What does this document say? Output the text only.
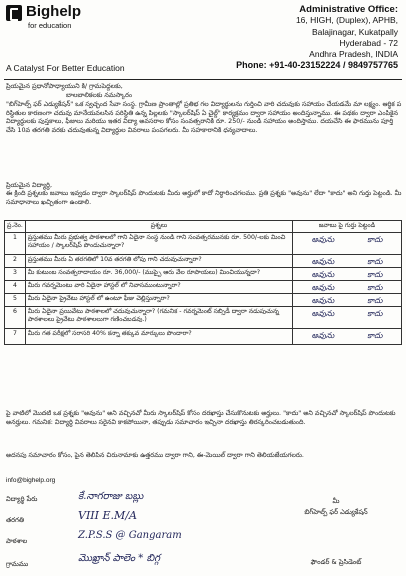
Bighelp
for education
A Catalyst For Better Education
Administrative Office:
16, HIGH, (Duplex), APHB,
Balajinagar, Kukatpally
Hyderabad - 72
Andhra Pradesh, INDIA
Phone: +91-40-23152224 / 9849757765
ప్రియమైన ప్రధానోపాధ్యాయుని కి/ గ్రామపెద్దలకు,
బాలబాలికలకు నమస్కారం
"బిగ్‌హెల్ప్ ఫర్ ఎడ్యుకేషన్" ఒక స్వచ్ఛంద సేవా సంస్థ. గ్రామీణ ప్రాంతాల్లో ప్రతిభ గల విద్యార్థులను గుర్తించి వారి చదువుకు సహాయం చేయడమే మా లక్ష్యం. ఆర్థిక పరిస్థితుల కారణంగా చదువు మానేయవలసిన పరిస్థితి ఉన్న పిల్లలకు "స్కాలర్‌షిప్ ఏ చైల్డ్" కార్యక్రమం ద్వారా సహాయం అందిస్తున్నాము. ఈ పథకం ద్వారా ఎంపికైన విద్యార్థులకు పుస్తకాలు, ఫీజులు మరియు ఇతర విద్యా అవసరాల కోసం సంవత్సరానికి రూ. 250/- నుండి సహాయం అందిస్తాము. దయచేసి ఈ ఫారమును పూర్తి చేసి 10వ తరగతి వరకు చదువుతున్న విద్యార్థుల వివరాలు పంపగలరు. మీ సహకారానికి ధన్యవాదాలు.
ప్రియమైన విద్యార్థి,
ఈ క్రింది ప్రశ్నలకు జవాబు ఇవ్వడం ద్వారా స్కాలర్‌షిప్ పొందుటకు మీరు అర్హులో కాదో నిర్ధారించగలము. ప్రతి ప్రశ్నకు "అవును" లేదా "కాదు" అని గుర్తు పెట్టండి. మీ సమాధానాలు ఖచ్చితంగా ఉండాలి.
ప్ర.నెం.	ప్రశ్నలు	జవాబు పై గుర్తు పెట్టండి
1	ప్రస్తుతము మీరు ప్రభుత్వ పాఠశాలలో గాని ఏదైనా సంస్థ నుండి గాని సంవత్సరమునకు రూ. 500/-లకు మించి సహాయం / స్కాలర్‌షిప్ పొందుచున్నారా?	అవును కాదు

2	ప్రస్తుతము మీరు ఏ తరగతిలో 10వ తరగతి లోపు గాని చదువుచున్నారా?	అవును కాదు

3	మీ కుటుంబ సంవత్సరాదాయం రూ. 36,000/- (ముప్పై ఆరు వేల రూపాయలు) మించియున్నదా?	అవును కాదు

4	మీరు గవర్నమెంటు వారి ఏదైనా హాస్టల్ లో నివాసముంటున్నారా?	అవును కాదు

5	మీరు ఏదైనా ప్రైవేటు హాస్టల్ లో ఉంటూ ఫీజు చెల్లిస్తున్నారా?	అవును కాదు

6	మీరు ఏదైనా ప్రయివేటు పాఠశాలలో చదువుచున్నారా? (గమనిక - గవర్నమెంట్ సబ్సిడీ ద్వారా నడుపుచున్న పాఠశాలలు ప్రైవేటు పాఠశాలలుగా గణించబడవు.)	అవును కాదు

7	మీరు గత పరీక్షలో సరాసరి 40% కన్నా తక్కువ మార్కులు పొందారా?	అవును కాదు
పై వాటిలో మొదటి ఒక ప్రశ్నకు "అవును" అని వచ్చినచో మీరు స్కాలర్‌షిప్ కోసం దరఖాస్తు చేసుకొనుటకు అర్హులు. "కాదు" అని వచ్చినచో స్కాలర్‌షిప్ పొందుటకు అనర్హులు. గమనిక: విద్యార్థి వివరాలు సరైనవి కాకపోయినా, తప్పుడు సమాచారం ఇచ్చినా దరఖాస్తు తిరస్కరించబడుతుంది.
అదనపు సమాచారం కోసం, పైన తెలిపిన చిరునామాకు ఉత్తరము ద్వారా గాని, ఈ-మెయిల్ ద్వారా గాని తెలియజేయగలరు.
info@bighelp.org
విద్యార్థి పేరు	కే.నాగరాజు బబ్లు
తరగతి	VIII E.M/A
పాఠశాల	Z.P.S.S @ Gangaram
గ్రామము	మొఖ్రాన్ పాలెం * బిగ్గ
మీ
బిగ్‌హెల్ప్ ఫర్ ఎడ్యుకేషన్
ఫౌండర్ & ప్రెసిడెంట్
